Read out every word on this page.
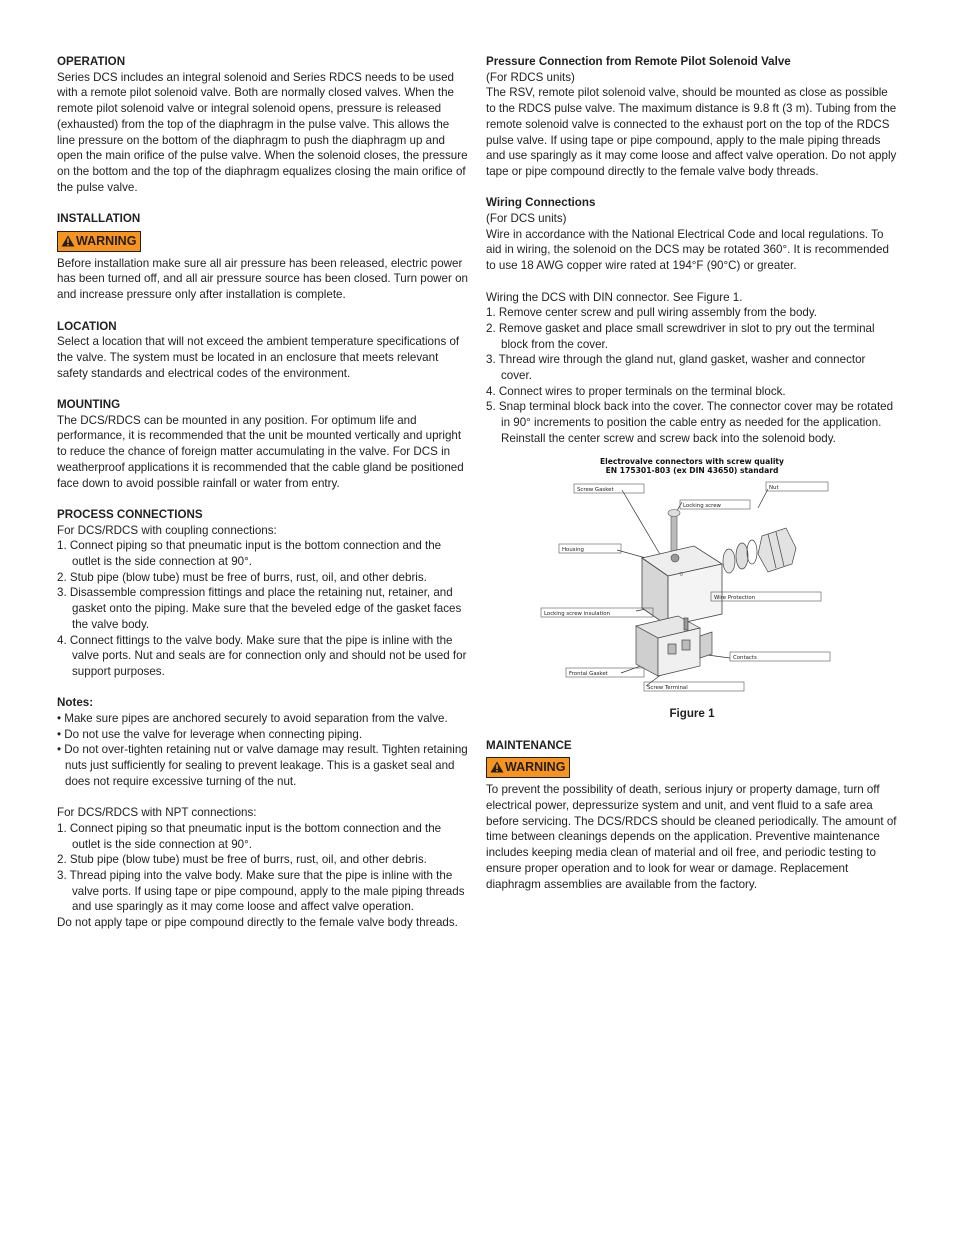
OPERATION

Series DCS includes an integral solenoid and Series RDCS needs to be used with a remote pilot solenoid valve. Both are normally closed valves. When the remote pilot solenoid valve or integral solenoid opens, pressure is released (exhausted) from the top of the diaphragm in the pulse valve. This allows the line pressure on the bottom of the diaphragm to push the diaphragm up and open the main orifice of the pulse valve. When the solenoid closes, the pressure on the bottom and the top of the diaphragm equalizes closing the main orifice of the pulse valve.

INSTALLATION

WARNING

Before installation make sure all air pressure has been released, electric power has been turned off, and all air pressure source has been closed. Turn power on and increase pressure only after installation is complete.

LOCATION

Select a location that will not exceed the ambient temperature specifications of the valve. The system must be located in an enclosure that meets relevant safety standards and electrical codes of the environment.

MOUNTING

The DCS/RDCS can be mounted in any position. For optimum life and performance, it is recommended that the unit be mounted vertically and upright to reduce the chance of foreign matter accumulating in the valve. For DCS in weatherproof applications it is recommended that the cable gland be positioned face down to avoid possible rainfall or water from entry.

PROCESS CONNECTIONS

For DCS/RDCS with coupling connections:

1. Connect piping so that pneumatic input is the bottom connection and the outlet is the side connection at 90°.
2. Stub pipe (blow tube) must be free of burrs, rust, oil, and other debris.
3. Disassemble compression fittings and place the retaining nut, retainer, and gasket onto the piping. Make sure that the beveled edge of the gasket faces the valve body.
4. Connect fittings to the valve body. Make sure that the pipe is inline with the valve ports. Nut and seals are for connection only and should not be used for support purposes.

Notes:

• Make sure pipes are anchored securely to avoid separation from the valve.
• Do not use the valve for leverage when connecting piping.
• Do not over-tighten retaining nut or valve damage may result. Tighten retaining nuts just sufficiently for sealing to prevent leakage. This is a gasket seal and does not require excessive turning of the nut.

For DCS/RDCS with NPT connections:

1. Connect piping so that pneumatic input is the bottom connection and the outlet is the side connection at 90°.
2. Stub pipe (blow tube) must be free of burrs, rust, oil, and other debris.
3. Thread piping into the valve body. Make sure that the pipe is inline with the valve ports. If using tape or pipe compound, apply to the male piping threads and use sparingly as it may come loose and affect valve operation.

Do not apply tape or pipe compound directly to the female valve body threads.

Pressure Connection from Remote Pilot Solenoid Valve

(For RDCS units)

The RSV, remote pilot solenoid valve, should be mounted as close as possible to the RDCS pulse valve. The maximum distance is 9.8 ft (3 m). Tubing from the remote solenoid valve is connected to the exhaust port on the top of the RDCS pulse valve. If using tape or pipe compound, apply to the male piping threads and use sparingly as it may come loose and affect valve operation. Do not apply tape or pipe compound directly to the female valve body threads.

Wiring Connections

(For DCS units)

Wire in accordance with the National Electrical Code and local regulations. To aid in wiring, the solenoid on the DCS may be rotated 360°. It is recommended to use 18 AWG copper wire rated at 194°F (90°C) or greater.

Wiring the DCS with DIN connector. See Figure 1.

1. Remove center screw and pull wiring assembly from the body.
2. Remove gasket and place small screwdriver in slot to pry out the terminal block from the cover.
3. Thread wire through the gland nut, gland gasket, washer and connector cover.
4. Connect wires to proper terminals on the terminal block.
5. Snap terminal block back into the cover. The connector cover may be rotated in 90° increments to position the cable entry as needed for the application. Reinstall the center screw and screw back into the solenoid body.
Electrovalve connectors with screw quality
EN 175301-803 (ex DIN 43650) standard
D
Screw Gasket
Locking screw
Nut
Housing
Wire Protection
Locking screw insulation
Contacts
Frontal Gasket
Screw Terminal
Figure 1

MAINTENANCE

WARNING

To prevent the possibility of death, serious injury or property damage, turn off electrical power, depressurize system and unit, and vent fluid to a safe area before servicing. The DCS/RDCS should be cleaned periodically. The amount of time between cleanings depends on the application. Preventive maintenance includes keeping media clean of material and oil free, and periodic testing to ensure proper operation and to look for wear or damage. Replacement diaphragm assemblies are available from the factory.
